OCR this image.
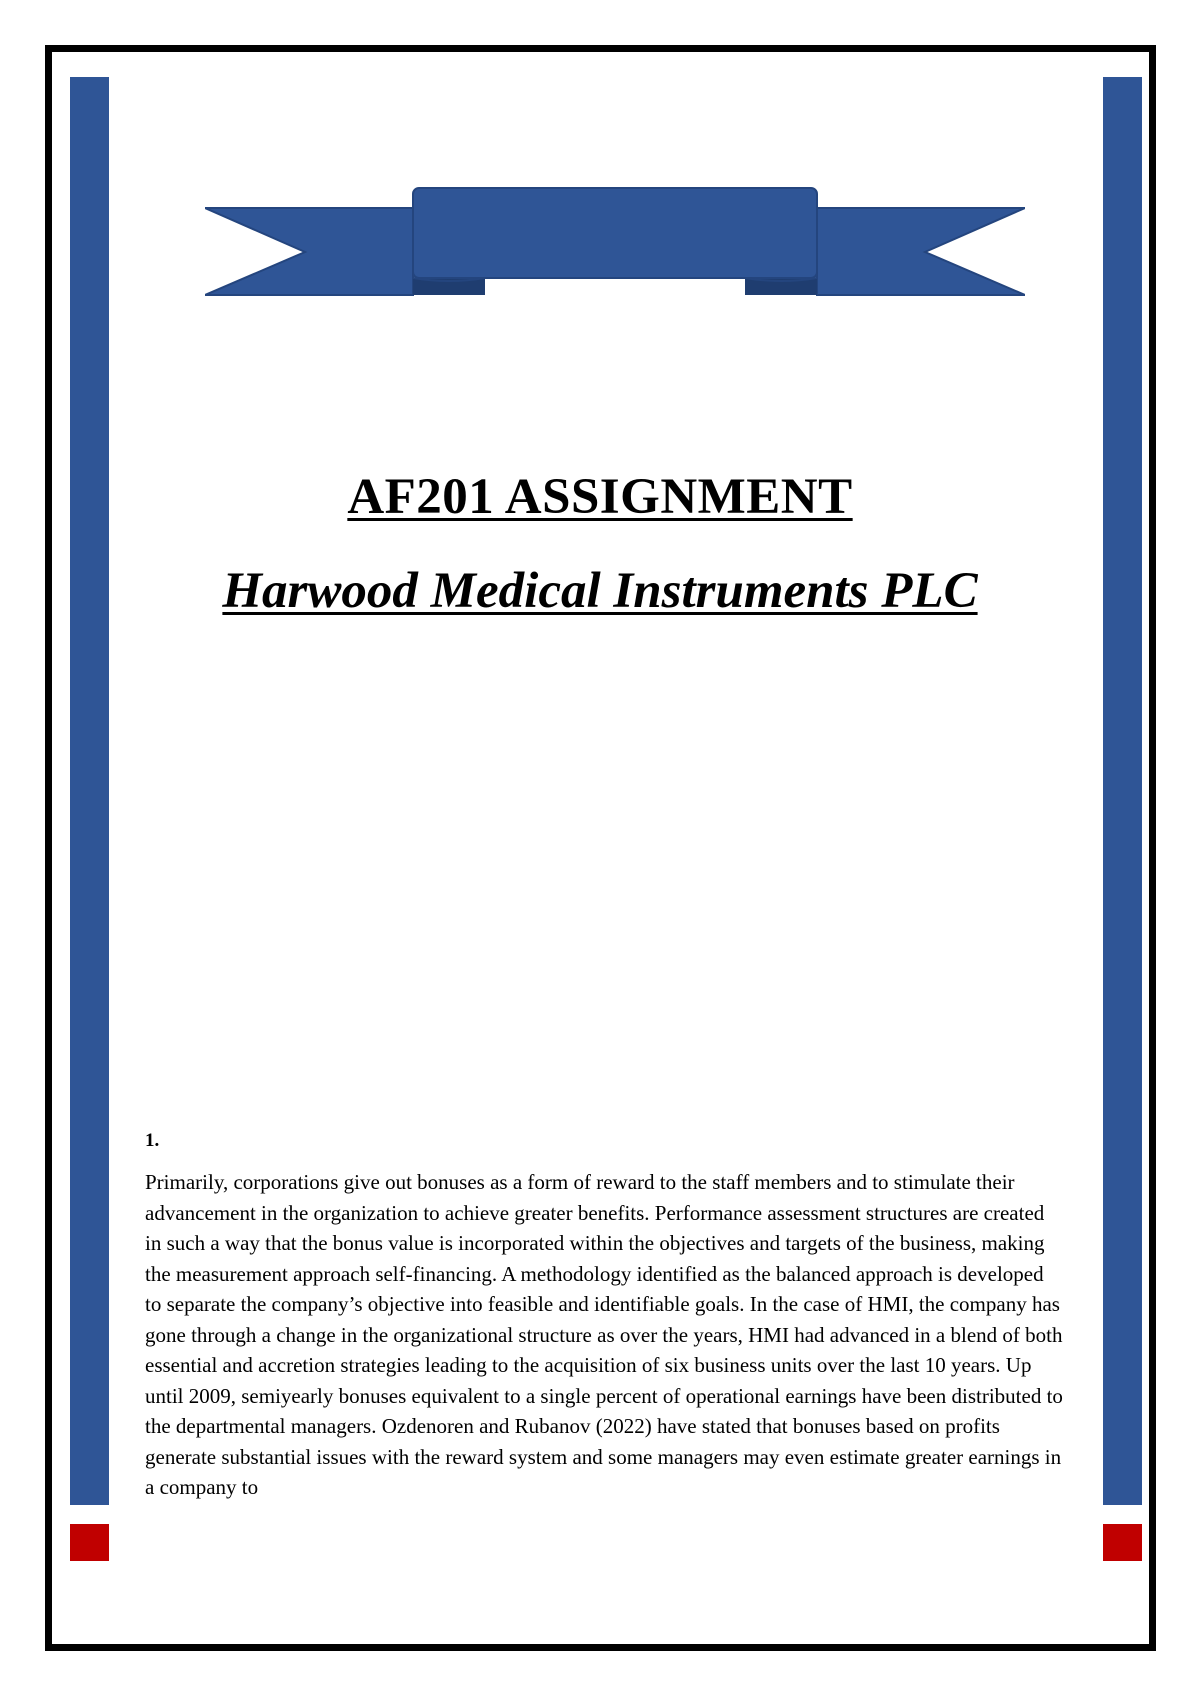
AF201 ASSIGNMENT
Harwood Medical Instruments PLC
1.

Primarily, corporations give out bonuses as a form of reward to the staff members and to stimulate their advancement in the organization to achieve greater benefits. Performance assessment structures are created in such a way that the bonus value is incorporated within the objectives and targets of the business, making the measurement approach self-financing. A methodology identified as the balanced approach is developed to separate the company’s objective into feasible and identifiable goals. In the case of HMI, the company has gone through a change in the organizational structure as over the years, HMI had advanced in a blend of both essential and accretion strategies leading to the acquisition of six business units over the last 10 years. Up until 2009, semiyearly bonuses equivalent to a single percent of operational earnings have been distributed to the departmental managers. Ozdenoren and Rubanov (2022) have stated that bonuses based on profits generate substantial issues with the reward system and some managers may even estimate greater earnings in a company to
